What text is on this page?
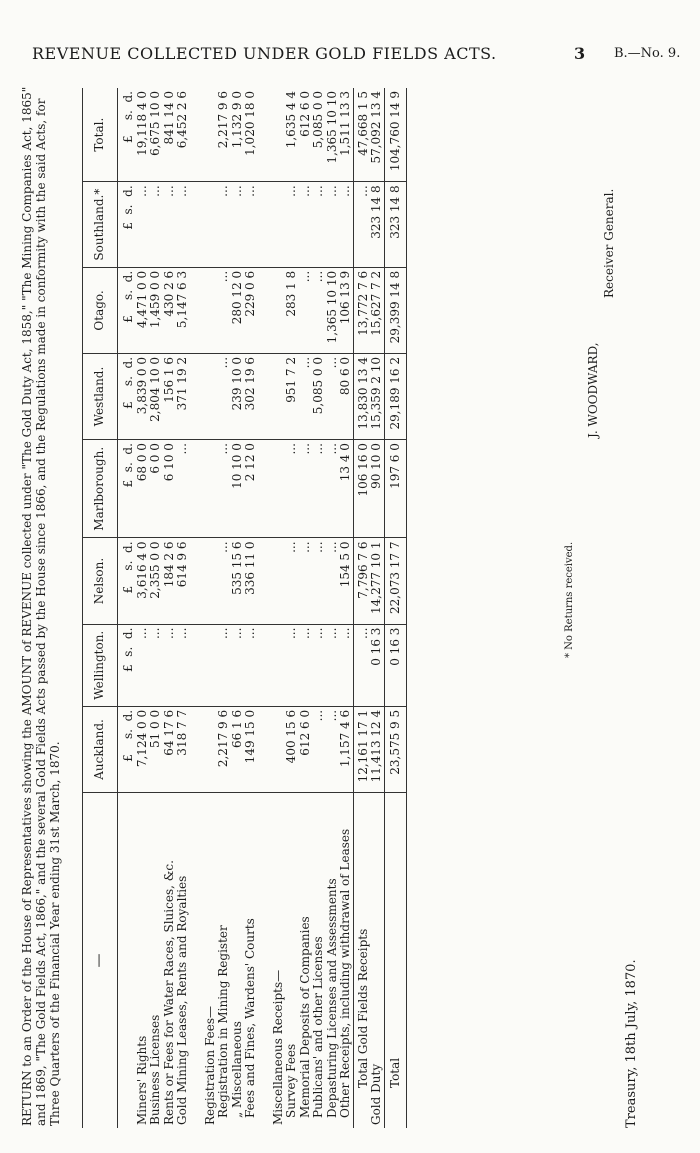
REVENUE COLLECTED UNDER GOLD FIELDS ACTS.	3 B.—No. 9.
RETURN to an Order of the House of Representatives showing the AMOUNT of REVENUE collected under "The Gold Duty Act, 1858," "The Mining Companies Act, 1865" and 1869, "The Gold Fields Act, 1866," and the several Gold Fields Acts passed by the House since 1866, and the Regulations made in conformity with the said Acts, for Three Quarters of the Financial Year ending 31st March, 1870. —	Auckland.	Wellington.	Nelson.	Marlborough.	Westland.	Otago.	Southland.*	Total.
	£    s.  d.	£  s.  d.	£    s.  d.	£  s.  d.	£    s.  d.	£    s.  d.	£  s.  d.	£    s.  d.
Miners' Rights	7,124 0 0	...	3,616 4 0	68 0 0	3,839 0 0	4,471 0 0	...	19,118 4 0
Business Licenses	51 0 0	...	2,355 0 0	6 0 0	2,804 10 0	1,459 0 0	...	6,675 10 0
Rents or Fees for Water Races, Sluices, &c.	64 17 6	...	184 2 6	6 10 0	156 1 6	430 2 6	...	841 14 0
Gold Mining Leases, Rents and Royalties	318 7 7	...	614 9 6	...	371 19 2	5,147 6 3	...	6,452 2 6

Registration Fees—								
Registration in Mining Register	2,217 9 6	...	...	...	...	...	...	2,217 9 6
„ Miscellaneous	66 1 6	...	535 15 6	10 10 0	239 10 0	280 12 0	...	1,132 9 0
Fees and Fines, Wardens' Courts	149 15 0	...	336 11 0	2 12 0	302 19 6	229 0 6	...	1,020 18 0

Miscellaneous Receipts—								
Survey Fees	400 15 6	...	...	...	951 7 2	283 1 8	...	1,635 4 4
Memorial Deposits of Companies	612 6 0	...	...	...	...	...	...	612 6 0
Publicans' and other Licenses	...	...	...	...	5,085 0 0	...	...	5,085 0 0
Depasturing Licenses and Assessments	...	...	...	...	...	1,365 10 10	...	1,365 10 10
Other Receipts, including withdrawal of Leases	1,157 4 6	...	154 5 0	13 4 0	80 6 0	106 13 9	...	1,511 13 3
Total Gold Fields Receipts	12,161 17 1	...	7,796 7 6	106 16 0	13,830 13 4	13,772 7 6	...	47,668 1 5
Gold Duty	11,413 12 4	0 16 3	14,277 10 1	90 10 0	15,359 2 10	15,627 7 2	323 14 8	57,092 13 4
Total	23,575 9 5	0 16 3	22,073 17 7	197 6 0	29,189 16 2	29,399 14 8	323 14 8	104,760 14 9
* No Returns received.
J. WOODWARD,
Receiver General.
Treasury, 18th July, 1870.
